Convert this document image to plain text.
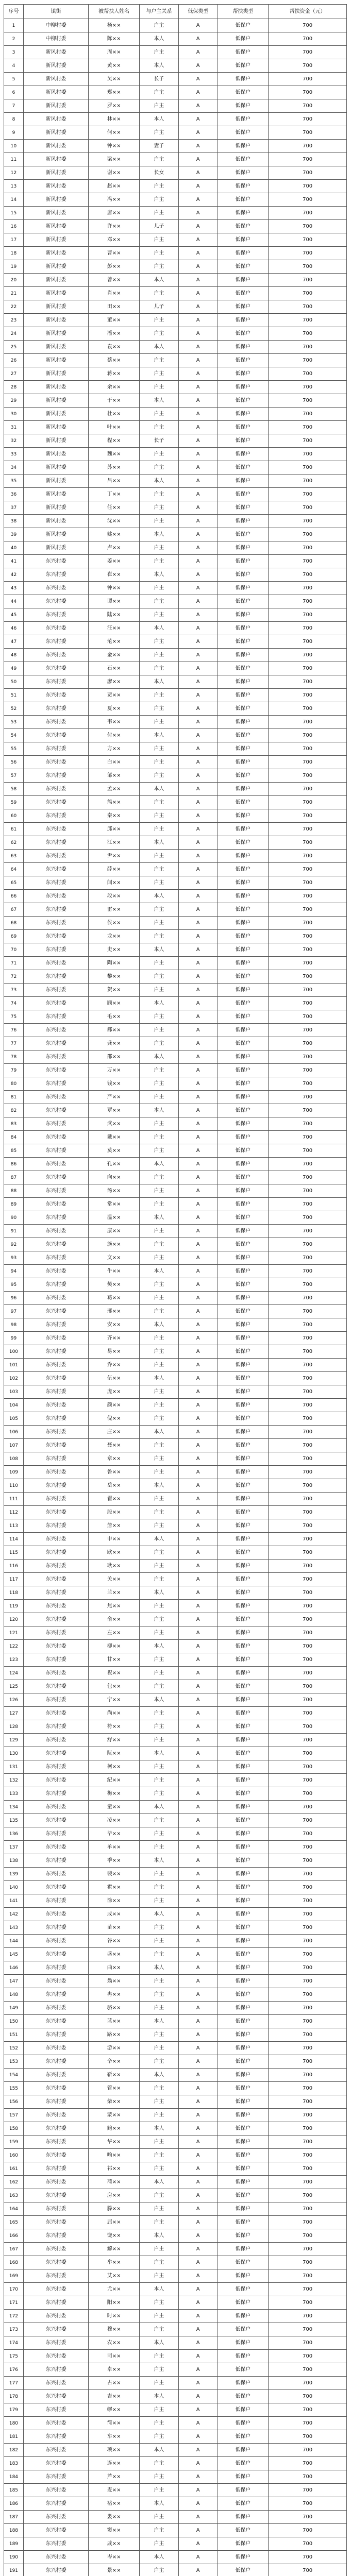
序号	镇街	被帮扶人姓名	与户主关系	低保类型	帮扶类型	帮扶资金（元）
1	中柳村委	杨××	户主	A	低保户	700
2	中柳村委	陈××	本人	A	低保户	700
3	新风村委	周××	户主	A	低保户	700
4	新风村委	黄××	本人	A	低保户	700
5	新风村委	吴××	长子	A	低保户	700
6	新风村委	郑××	户主	A	低保户	700
7	新风村委	罗××	户主	A	低保户	700
8	新风村委	林××	本人	A	低保户	700
9	新风村委	何××	户主	A	低保户	700
10	新风村委	钟××	妻子	A	低保户	700
11	新风村委	梁××	户主	A	低保户	700
12	新风村委	谢××	长女	A	低保户	700
13	新风村委	赵××	户主	A	低保户	700
14	新风村委	冯××	户主	A	低保户	700
15	新风村委	唐××	户主	A	低保户	700
16	新风村委	许××	儿子	A	低保户	700
17	新风村委	邓××	户主	A	低保户	700
18	新风村委	曹××	户主	A	低保户	700
19	新风村委	彭××	户主	A	低保户	700
20	新风村委	曾××	本人	A	低保户	700
21	新风村委	肖××	户主	A	低保户	700
22	新风村委	田××	儿子	A	低保户	700
23	新风村委	董××	户主	A	低保户	700
24	新风村委	潘××	户主	A	低保户	700
25	新风村委	袁××	本人	A	低保户	700
26	新风村委	蔡××	户主	A	低保户	700
27	新风村委	蒋××	户主	A	低保户	700
28	新风村委	余××	户主	A	低保户	700
29	新风村委	于××	本人	A	低保户	700
30	新风村委	杜××	户主	A	低保户	700
31	新风村委	叶××	户主	A	低保户	700
32	新风村委	程××	长子	A	低保户	700
33	新风村委	魏××	户主	A	低保户	700
34	新风村委	苏××	户主	A	低保户	700
35	新风村委	吕××	本人	A	低保户	700
36	新风村委	丁××	户主	A	低保户	700
37	新风村委	任××	户主	A	低保户	700
38	新风村委	沈××	户主	A	低保户	700
39	新风村委	姚××	本人	A	低保户	700
40	新风村委	卢××	户主	A	低保户	700
41	东兴村委	姜××	户主	A	低保户	700
42	东兴村委	崔××	本人	A	低保户	700
43	东兴村委	钟××	户主	A	低保户	700
44	东兴村委	谭××	户主	A	低保户	700
45	东兴村委	陆××	户主	A	低保户	700
46	东兴村委	汪××	本人	A	低保户	700
47	东兴村委	范××	户主	A	低保户	700
48	东兴村委	金××	户主	A	低保户	700
49	东兴村委	石××	户主	A	低保户	700
50	东兴村委	廖××	本人	A	低保户	700
51	东兴村委	贾××	户主	A	低保户	700
52	东兴村委	夏××	户主	A	低保户	700
53	东兴村委	韦××	户主	A	低保户	700
54	东兴村委	付××	本人	A	低保户	700
55	东兴村委	方××	户主	A	低保户	700
56	东兴村委	白××	户主	A	低保户	700
57	东兴村委	邹××	户主	A	低保户	700
58	东兴村委	孟××	本人	A	低保户	700
59	东兴村委	熊××	户主	A	低保户	700
60	东兴村委	秦××	户主	A	低保户	700
61	东兴村委	邱××	户主	A	低保户	700
62	东兴村委	江××	本人	A	低保户	700
63	东兴村委	尹××	户主	A	低保户	700
64	东兴村委	薛××	户主	A	低保户	700
65	东兴村委	闫××	户主	A	低保户	700
66	东兴村委	段××	本人	A	低保户	700
67	东兴村委	雷××	户主	A	低保户	700
68	东兴村委	侯××	户主	A	低保户	700
69	东兴村委	龙××	户主	A	低保户	700
70	东兴村委	史××	本人	A	低保户	700
71	东兴村委	陶××	户主	A	低保户	700
72	东兴村委	黎××	户主	A	低保户	700
73	东兴村委	贺××	户主	A	低保户	700
74	东兴村委	顾××	本人	A	低保户	700
75	东兴村委	毛××	户主	A	低保户	700
76	东兴村委	郝××	户主	A	低保户	700
77	东兴村委	龚××	户主	A	低保户	700
78	东兴村委	邵××	本人	A	低保户	700
79	东兴村委	万××	户主	A	低保户	700
80	东兴村委	钱××	户主	A	低保户	700
81	东兴村委	严××	户主	A	低保户	700
82	东兴村委	覃××	本人	A	低保户	700
83	东兴村委	武××	户主	A	低保户	700
84	东兴村委	戴××	户主	A	低保户	700
85	东兴村委	莫××	户主	A	低保户	700
86	东兴村委	孔××	本人	A	低保户	700
87	东兴村委	向××	户主	A	低保户	700
88	东兴村委	汤××	户主	A	低保户	700
89	东兴村委	常××	户主	A	低保户	700
90	东兴村委	温××	本人	A	低保户	700
91	东兴村委	康××	户主	A	低保户	700
92	东兴村委	施××	户主	A	低保户	700
93	东兴村委	文××	户主	A	低保户	700
94	东兴村委	牛××	本人	A	低保户	700
95	东兴村委	樊××	户主	A	低保户	700
96	东兴村委	葛××	户主	A	低保户	700
97	东兴村委	邢××	户主	A	低保户	700
98	东兴村委	安××	本人	A	低保户	700
99	东兴村委	齐××	户主	A	低保户	700
100	东兴村委	易××	户主	A	低保户	700
101	东兴村委	乔××	户主	A	低保户	700
102	东兴村委	伍××	本人	A	低保户	700
103	东兴村委	庞××	户主	A	低保户	700
104	东兴村委	颜××	户主	A	低保户	700
105	东兴村委	倪××	户主	A	低保户	700
106	东兴村委	庄××	本人	A	低保户	700
107	东兴村委	聂××	户主	A	低保户	700
108	东兴村委	章××	户主	A	低保户	700
109	东兴村委	鲁××	户主	A	低保户	700
110	东兴村委	岳××	本人	A	低保户	700
111	东兴村委	翟××	户主	A	低保户	700
112	东兴村委	殷××	户主	A	低保户	700
113	东兴村委	詹××	户主	A	低保户	700
114	东兴村委	申××	本人	A	低保户	700
115	东兴村委	欧××	户主	A	低保户	700
116	东兴村委	耿××	户主	A	低保户	700
117	东兴村委	关××	户主	A	低保户	700
118	东兴村委	兰××	本人	A	低保户	700
119	东兴村委	焦××	户主	A	低保户	700
120	东兴村委	俞××	户主	A	低保户	700
121	东兴村委	左××	户主	A	低保户	700
122	东兴村委	柳××	本人	A	低保户	700
123	东兴村委	甘××	户主	A	低保户	700
124	东兴村委	祝××	户主	A	低保户	700
125	东兴村委	包××	户主	A	低保户	700
126	东兴村委	宁××	本人	A	低保户	700
127	东兴村委	尚××	户主	A	低保户	700
128	东兴村委	符××	户主	A	低保户	700
129	东兴村委	舒××	户主	A	低保户	700
130	东兴村委	阮××	本人	A	低保户	700
131	东兴村委	柯××	户主	A	低保户	700
132	东兴村委	纪××	户主	A	低保户	700
133	东兴村委	梅××	户主	A	低保户	700
134	东兴村委	童××	本人	A	低保户	700
135	东兴村委	凌××	户主	A	低保户	700
136	东兴村委	毕××	户主	A	低保户	700
137	东兴村委	单××	户主	A	低保户	700
138	东兴村委	季××	本人	A	低保户	700
139	东兴村委	裴××	户主	A	低保户	700
140	东兴村委	霍××	户主	A	低保户	700
141	东兴村委	涂××	户主	A	低保户	700
142	东兴村委	成××	本人	A	低保户	700
143	东兴村委	苗××	户主	A	低保户	700
144	东兴村委	谷××	户主	A	低保户	700
145	东兴村委	盛××	户主	A	低保户	700
146	东兴村委	曲××	本人	A	低保户	700
147	东兴村委	翁××	户主	A	低保户	700
148	东兴村委	冉××	户主	A	低保户	700
149	东兴村委	骆××	户主	A	低保户	700
150	东兴村委	蓝××	本人	A	低保户	700
151	东兴村委	路××	户主	A	低保户	700
152	东兴村委	游××	户主	A	低保户	700
153	东兴村委	辛××	户主	A	低保户	700
154	东兴村委	靳××	本人	A	低保户	700
155	东兴村委	管××	户主	A	低保户	700
156	东兴村委	柴××	户主	A	低保户	700
157	东兴村委	蒙××	户主	A	低保户	700
158	东兴村委	鲍××	本人	A	低保户	700
159	东兴村委	华××	户主	A	低保户	700
160	东兴村委	喻××	户主	A	低保户	700
161	东兴村委	祁××	户主	A	低保户	700
162	东兴村委	蒲××	本人	A	低保户	700
163	东兴村委	房××	户主	A	低保户	700
164	东兴村委	滕××	户主	A	低保户	700
165	东兴村委	屈××	户主	A	低保户	700
166	东兴村委	饶××	本人	A	低保户	700
167	东兴村委	解××	户主	A	低保户	700
168	东兴村委	牟××	户主	A	低保户	700
169	东兴村委	艾××	户主	A	低保户	700
170	东兴村委	尤××	本人	A	低保户	700
171	东兴村委	阳××	户主	A	低保户	700
172	东兴村委	时××	户主	A	低保户	700
173	东兴村委	穆××	户主	A	低保户	700
174	东兴村委	农××	本人	A	低保户	700
175	东兴村委	司××	户主	A	低保户	700
176	东兴村委	卓××	户主	A	低保户	700
177	东兴村委	古××	户主	A	低保户	700
178	东兴村委	吉××	本人	A	低保户	700
179	东兴村委	缪××	户主	A	低保户	700
180	东兴村委	简××	户主	A	低保户	700
181	东兴村委	车××	户主	A	低保户	700
182	东兴村委	项××	本人	A	低保户	700
183	东兴村委	连××	户主	A	低保户	700
184	东兴村委	芦××	户主	A	低保户	700
185	东兴村委	麦××	户主	A	低保户	700
186	东兴村委	褚××	本人	A	低保户	700
187	东兴村委	娄××	户主	A	低保户	700
188	东兴村委	窦××	户主	A	低保户	700
189	东兴村委	戚××	户主	A	低保户	700
190	东兴村委	岑××	本人	A	低保户	700
191	东兴村委	景××	户主	A	低保户	700
